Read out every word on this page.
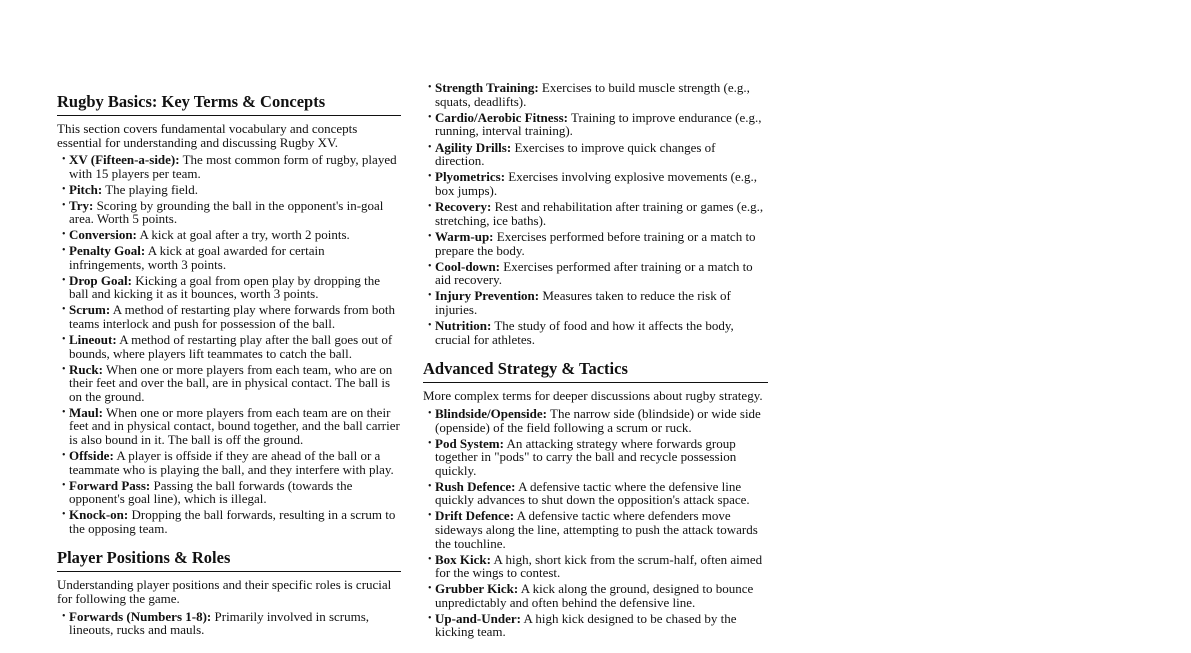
Rugby Basics: Key Terms & Concepts

This section covers fundamental vocabulary and concepts essential for understanding and discussing Rugby XV.

• XV (Fifteen-a-side): The most common form of rugby, played with 15 players per team.
• Pitch: The playing field.
• Try: Scoring by grounding the ball in the opponent's in-goal area. Worth 5 points.
• Conversion: A kick at goal after a try, worth 2 points.
• Penalty Goal: A kick at goal awarded for certain infringements, worth 3 points.
• Drop Goal: Kicking a goal from open play by dropping the ball and kicking it as it bounces, worth 3 points.
• Scrum: A method of restarting play where forwards from both teams interlock and push for possession of the ball.
• Lineout: A method of restarting play after the ball goes out of bounds, where players lift teammates to catch the ball.
• Ruck: When one or more players from each team, who are on their feet and over the ball, are in physical contact. The ball is on the ground.
• Maul: When one or more players from each team are on their feet and in physical contact, bound together, and the ball carrier is also bound in it. The ball is off the ground.
• Offside: A player is offside if they are ahead of the ball or a teammate who is playing the ball, and they interfere with play.
• Forward Pass: Passing the ball forwards (towards the opponent's goal line), which is illegal.
• Knock-on: Dropping the ball forwards, resulting in a scrum to the opposing team.
Player Positions & Roles

Understanding player positions and their specific roles is crucial for following the game.

• Forwards (Numbers 1-8): Primarily involved in scrums, lineouts, rucks and mauls.
• Strength Training: Exercises to build muscle strength (e.g., squats, deadlifts).
• Cardio/Aerobic Fitness: Training to improve endurance (e.g., running, interval training).
• Agility Drills: Exercises to improve quick changes of direction.
• Plyometrics: Exercises involving explosive movements (e.g., box jumps).
• Recovery: Rest and rehabilitation after training or games (e.g., stretching, ice baths).
• Warm-up: Exercises performed before training or a match to prepare the body.
• Cool-down: Exercises performed after training or a match to aid recovery.
• Injury Prevention: Measures taken to reduce the risk of injuries.
• Nutrition: The study of food and how it affects the body, crucial for athletes.
Advanced Strategy & Tactics

More complex terms for deeper discussions about rugby strategy.

• Blindside/Openside: The narrow side (blindside) or wide side (openside) of the field following a scrum or ruck.
• Pod System: An attacking strategy where forwards group together in "pods" to carry the ball and recycle possession quickly.
• Rush Defence: A defensive tactic where the defensive line quickly advances to shut down the opposition's attack space.
• Drift Defence: A defensive tactic where defenders move sideways along the line, attempting to push the attack towards the touchline.
• Box Kick: A high, short kick from the scrum-half, often aimed for the wings to contest.
• Grubber Kick: A kick along the ground, designed to bounce unpredictably and often behind the defensive line.
• Up-and-Under: A high kick designed to be chased by the kicking team.
